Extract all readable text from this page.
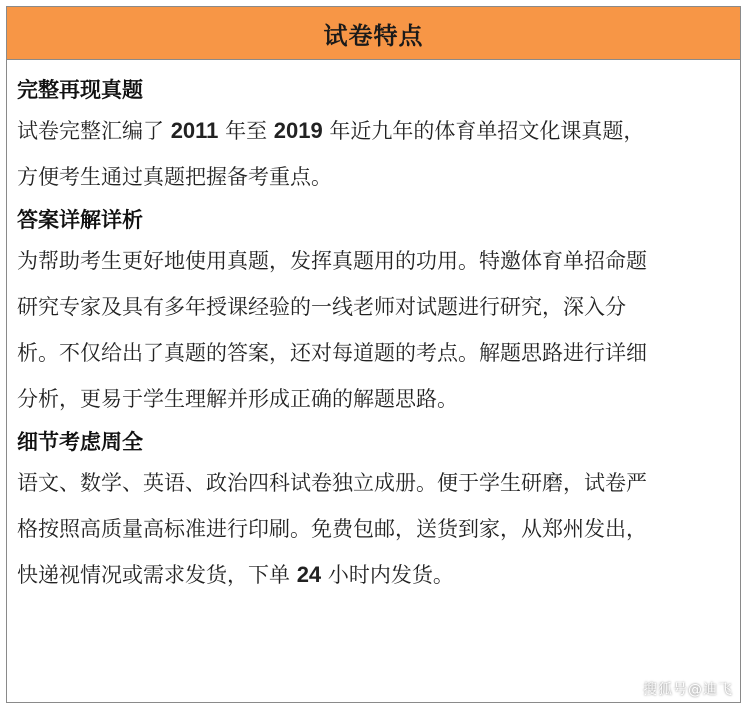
试卷特点
完整再现真题

试卷完整汇编了 2011 年至 2019 年近九年的体育单招文化课真题，

方便考生通过真题把握备考重点。

答案详解详析

为帮助考生更好地使用真题，发挥真题用的功用。特邀体育单招命题

研究专家及具有多年授课经验的一线老师对试题进行研究，深入分

析。不仅给出了真题的答案，还对每道题的考点。解题思路进行详细

分析，更易于学生理解并形成正确的解题思路。

细节考虑周全

语文、数学、英语、政治四科试卷独立成册。便于学生研磨，试卷严

格按照高质量高标准进行印刷。免费包邮，送货到家，从郑州发出，

快递视情况或需求发货，下单 24 小时内发货。

搜狐号@迪飞
